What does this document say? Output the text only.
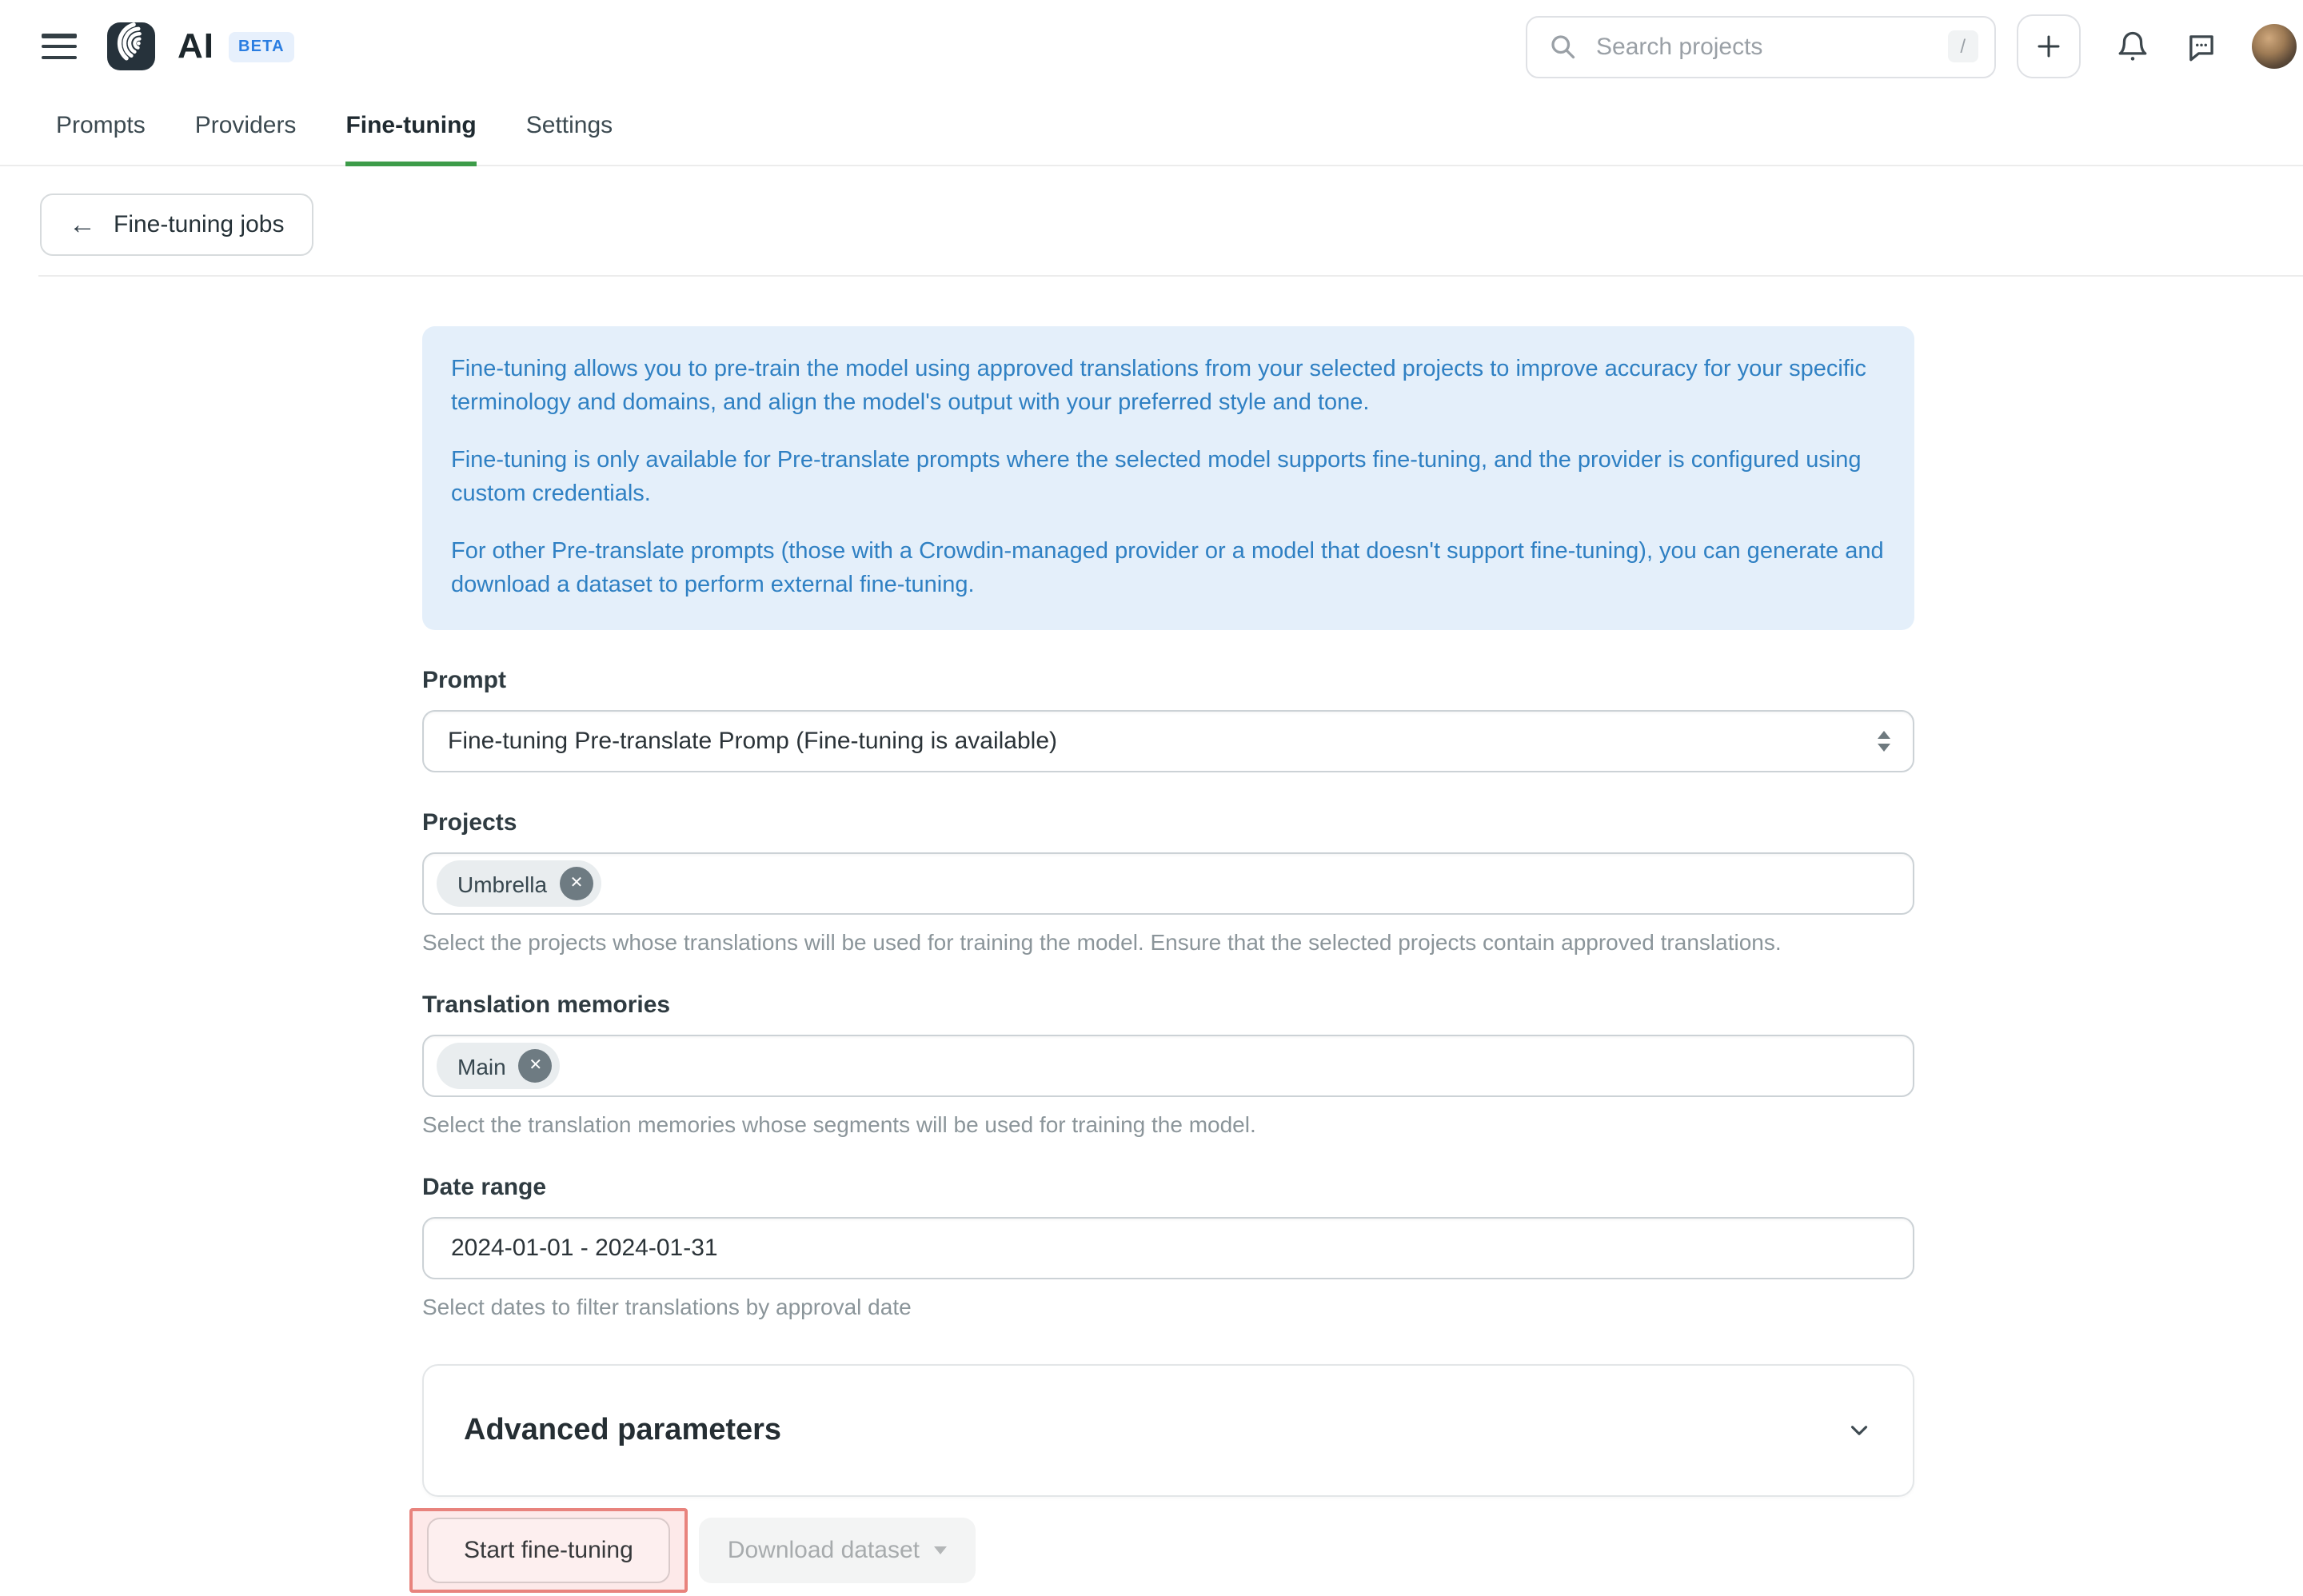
AI	BETA
Search projects	/
Prompts	Providers	Fine-tuning	Settings
← Fine-tuning jobs

Fine-tuning allows you to pre-train the model using approved translations from your selected projects to improve accuracy for your specific terminology and domains, and align the model's output with your preferred style and tone.

Fine-tuning is only available for Pre-translate prompts where the selected model supports fine-tuning, and the provider is configured using custom credentials.

For other Pre-translate prompts (those with a Crowdin-managed provider or a model that doesn't support fine-tuning), you can generate and download a dataset to perform external fine-tuning.

Prompt
Fine-tuning Pre-translate Promp (Fine-tuning is available)
Projects
Umbrella	✕
Select the projects whose translations will be used for training the model. Ensure that the selected projects contain approved translations.
Translation memories
Main	✕
Select the translation memories whose segments will be used for training the model.
Date range
2024-01-01 - 2024-01-31
Select dates to filter translations by approval date
Advanced parameters
Start fine-tuning	Download dataset
